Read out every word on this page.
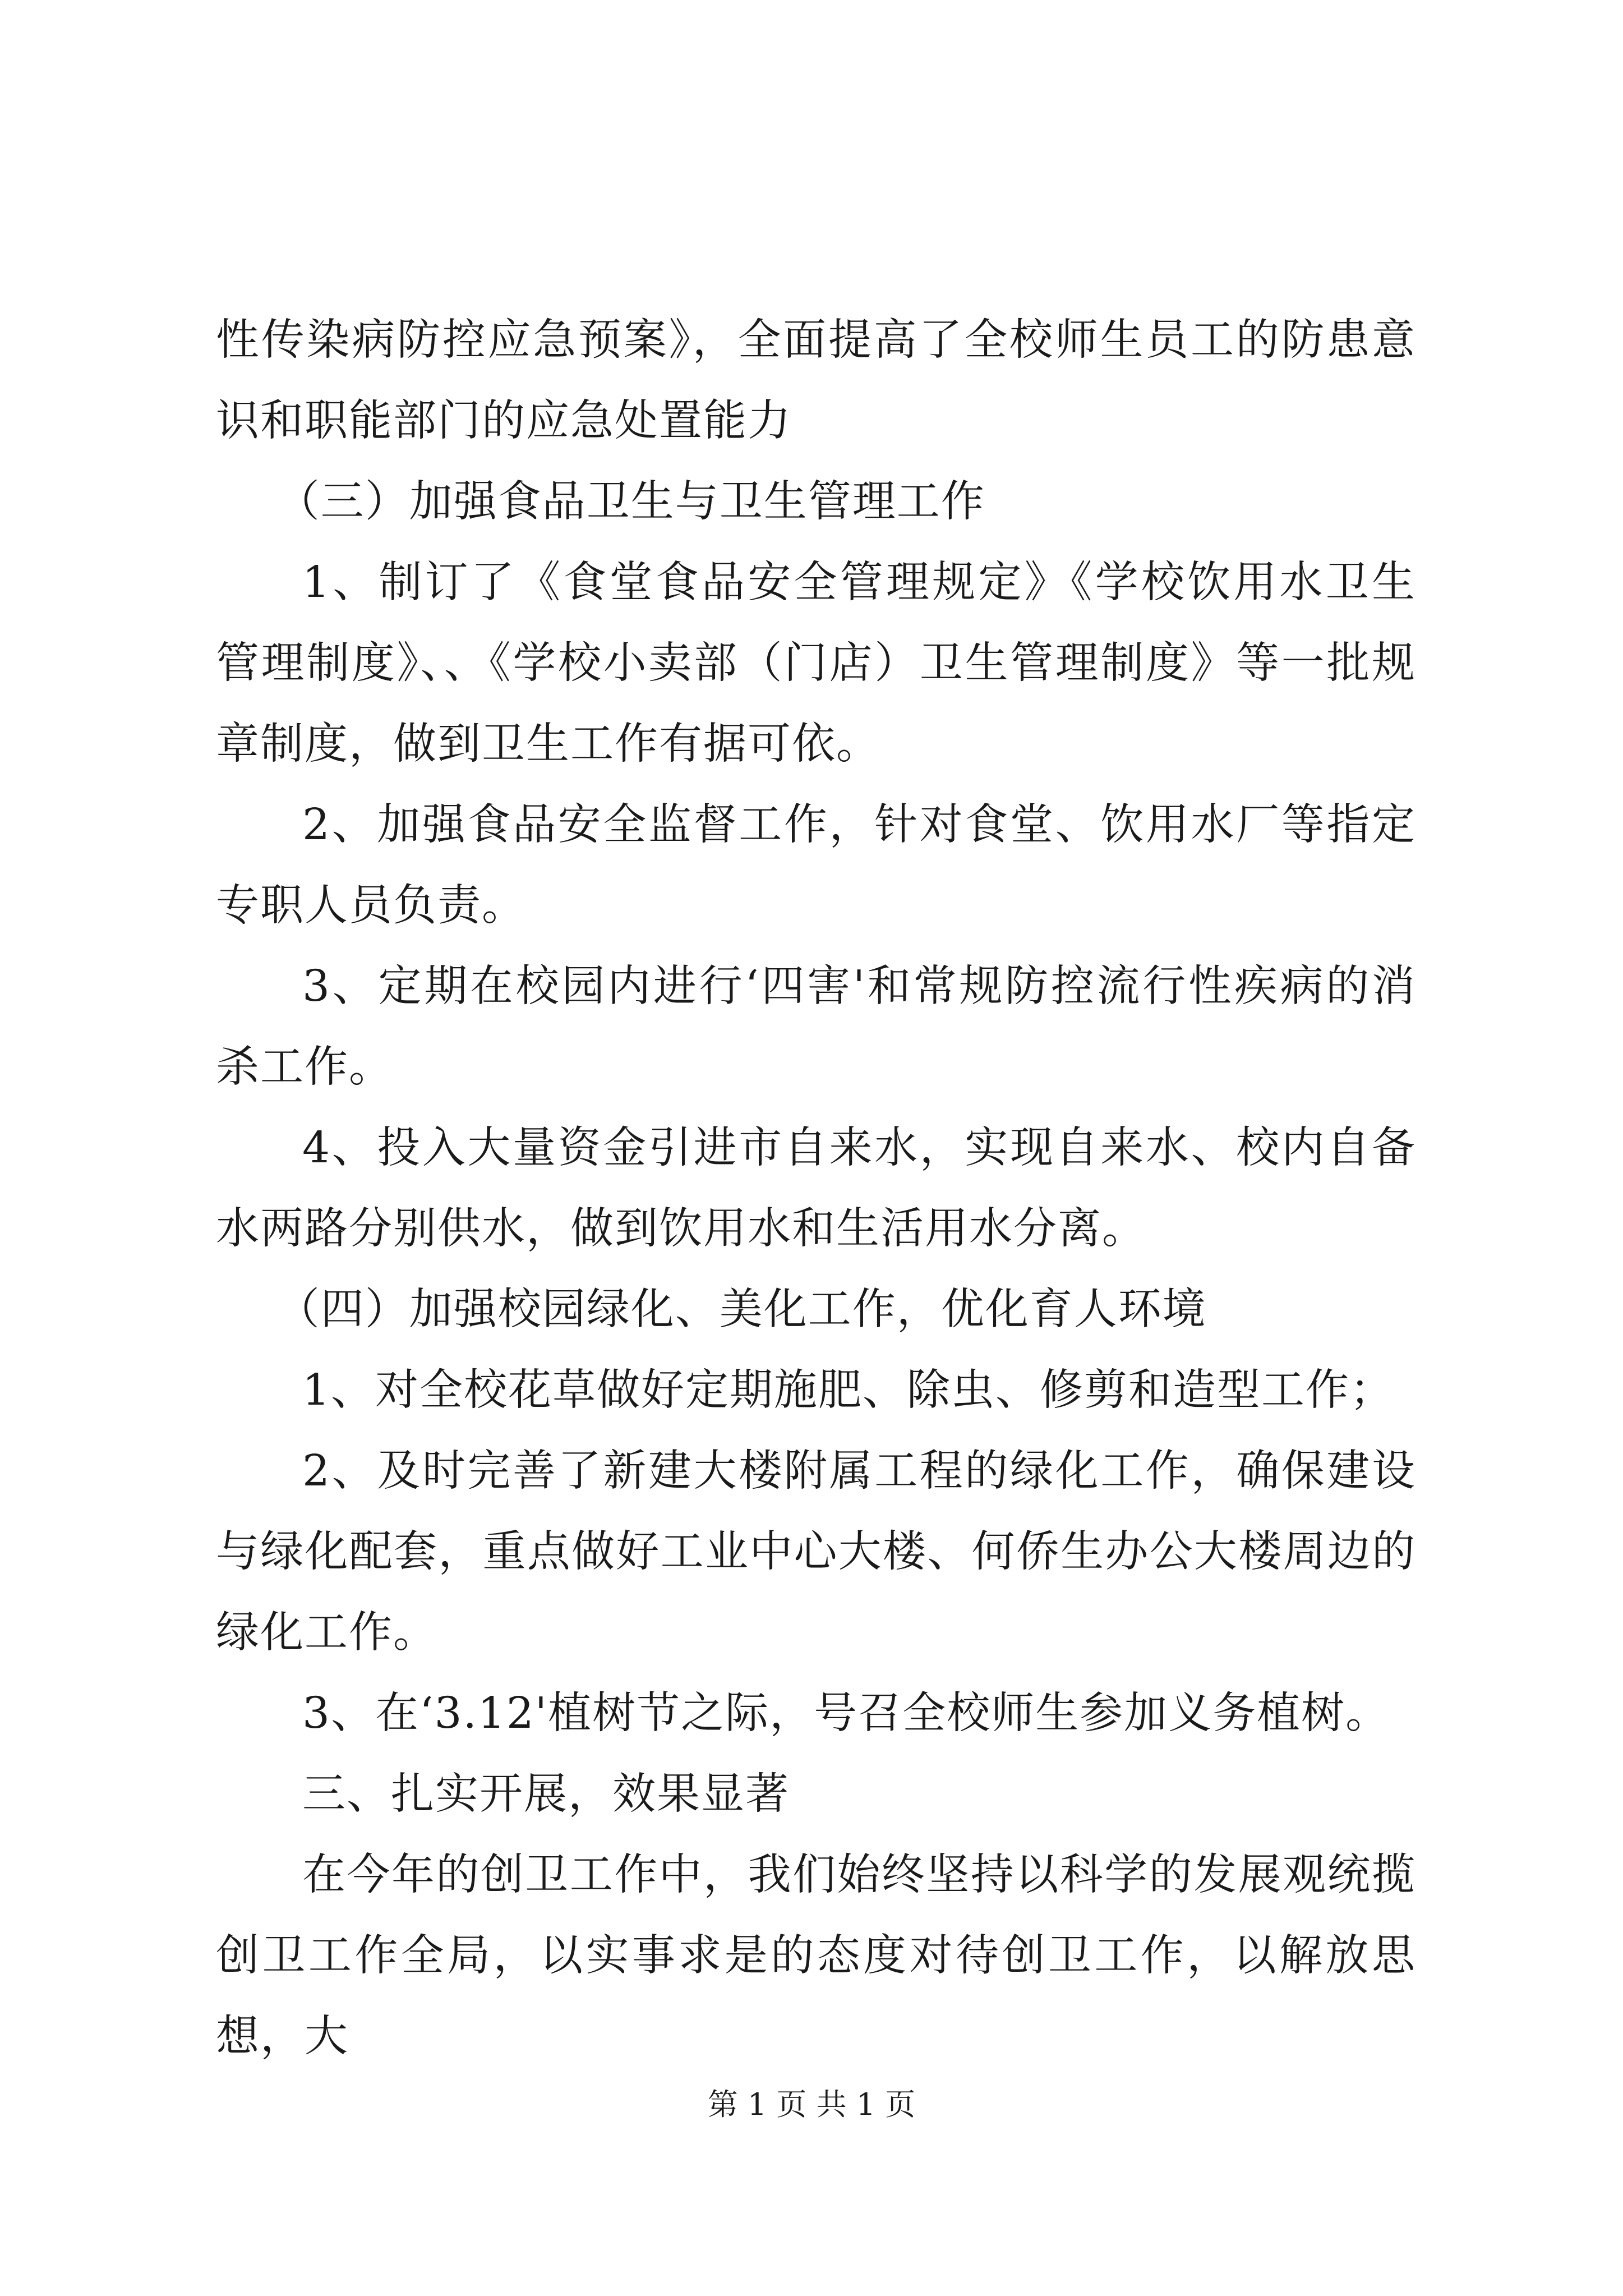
性传染病防控应急预案》，全面提高了全校师生员工的防患意识和职能部门的应急处置能力

（三）加强食品卫生与卫生管理工作

1、制订了《食堂食品安全管理规定》《学校饮用水卫生管理制度》、、《学校小卖部（门店）卫生管理制度》等一批规章制度，做到卫生工作有据可依。

2、加强食品安全监督工作，针对食堂、饮用水厂等指定专职人员负责。

3、定期在校园内进行‘四害'和常规防控流行性疾病的消杀工作。

4、投入大量资金引进市自来水，实现自来水、校内自备水两路分别供水，做到饮用水和生活用水分离。

（四）加强校园绿化、美化工作，优化育人环境

1、对全校花草做好定期施肥、除虫、修剪和造型工作；

2、及时完善了新建大楼附属工程的绿化工作，确保建设与绿化配套，重点做好工业中心大楼、何侨生办公大楼周边的绿化工作。

3、在‘3.12'植树节之际，号召全校师生参加义务植树。

三、扎实开展，效果显著

在今年的创卫工作中，我们始终坚持以科学的发展观统揽创卫工作全局，以实事求是的态度对待创卫工作，以解放思想，大

第 1 页 共 1 页
